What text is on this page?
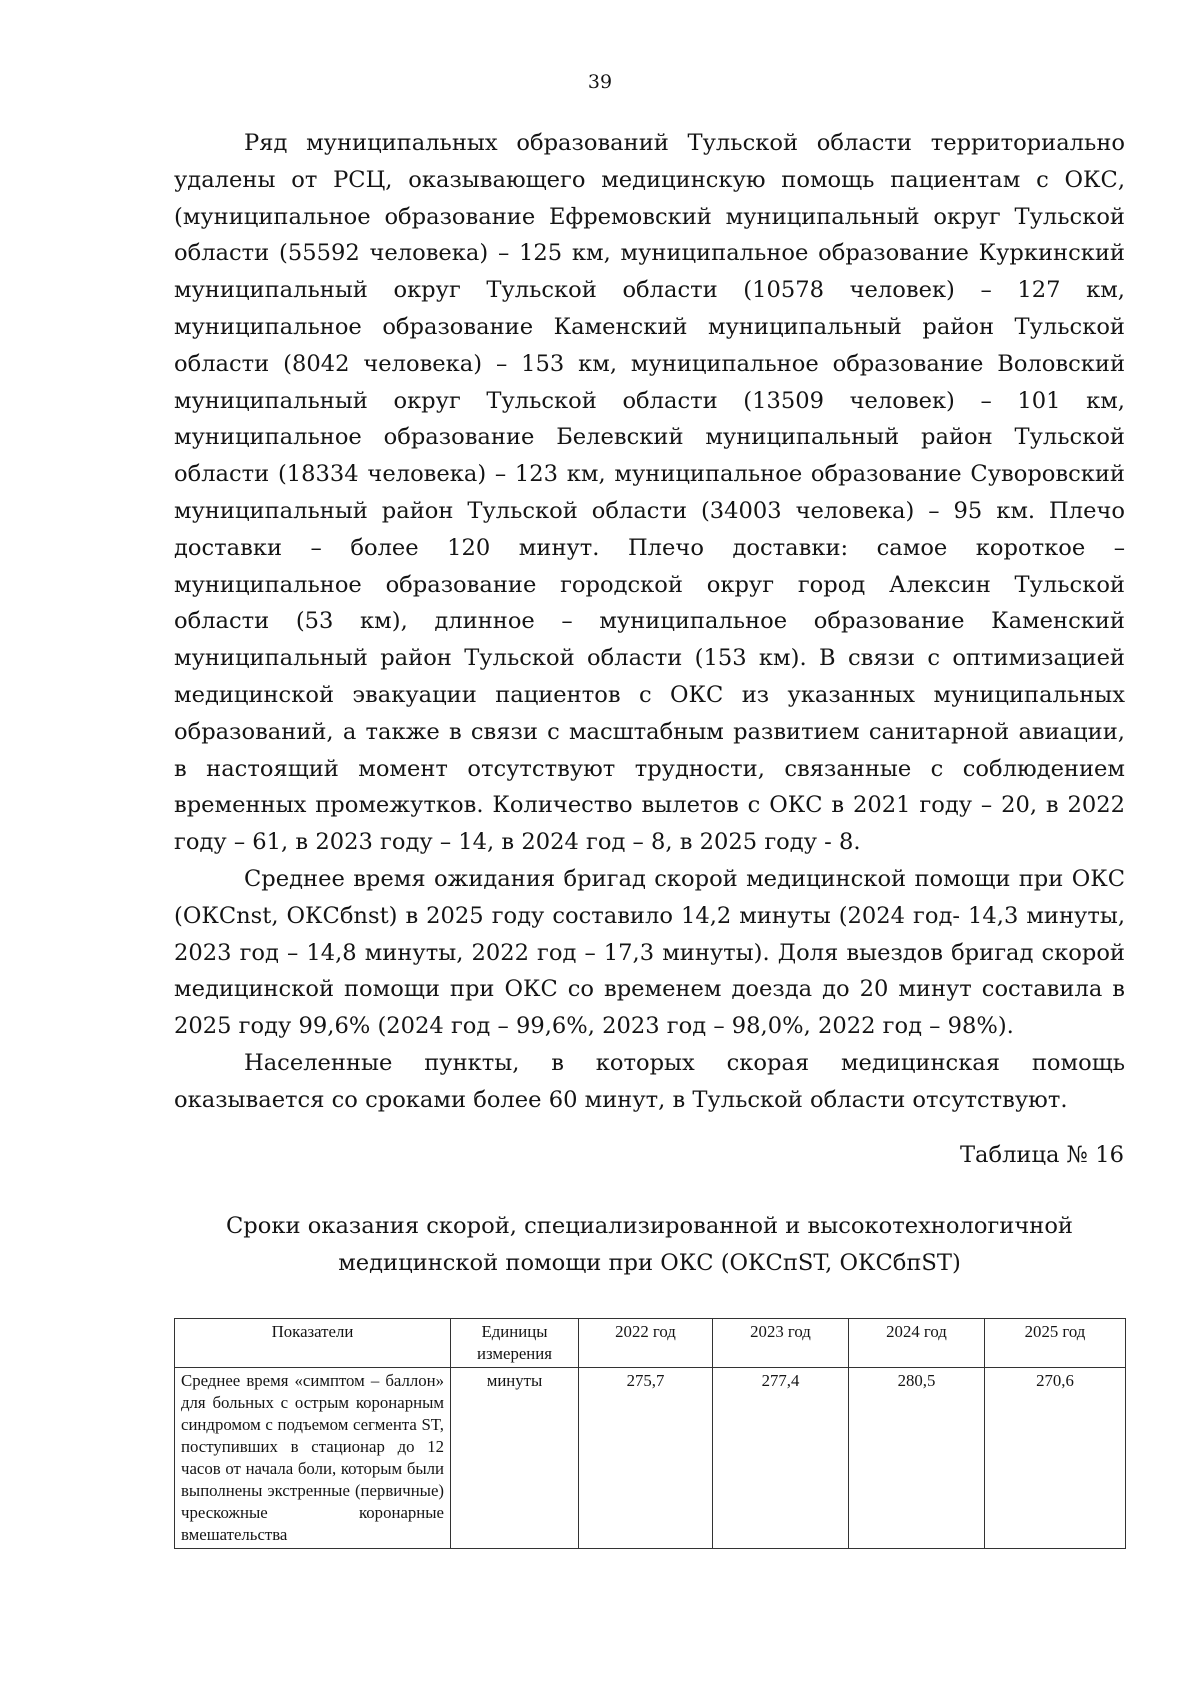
39

Ряд муниципальных образований Тульской области территориально удалены от РСЦ, оказывающего медицинскую помощь пациентам с ОКС, (муниципальное образование Ефремовский муниципальный округ Тульской области (55592 человека) – 125 км, муниципальное образование Куркинский муниципальный округ Тульской области (10578 человек) – 127 км, муниципальное образование Каменский муниципальный район Тульской области (8042 человека) – 153 км, муниципальное образование Воловский муниципальный округ Тульской области (13509 человек) – 101 км, муниципальное образование Белевский муниципальный район Тульской области (18334 человека) – 123 км, муниципальное образование Суворовский муниципальный район Тульской области (34003 человека) – 95 км. Плечо доставки – более 120 минут. Плечо доставки: самое короткое – муниципальное образование городской округ город Алексин Тульской области (53 км), длинное – муниципальное образование Каменский муниципальный район Тульской области (153 км). В связи с оптимизацией медицинской эвакуации пациентов с ОКС из указанных муниципальных образований, а также в связи с масштабным развитием санитарной авиации, в настоящий момент отсутствуют трудности, связанные с соблюдением временных промежутков. Количество вылетов с ОКС в 2021 году – 20, в 2022 году – 61, в 2023 году – 14, в 2024 год – 8, в 2025 году - 8.

Среднее время ожидания бригад скорой медицинской помощи при ОКС (ОКСnst, ОКСбnst) в 2025 году составило 14,2 минуты (2024 год- 14,3 минуты, 2023 год – 14,8 минуты, 2022 год – 17,3 минуты). Доля выездов бригад скорой медицинской помощи при ОКС со временем доезда до 20 минут составила в 2025 году 99,6% (2024 год – 99,6%, 2023 год – 98,0%, 2022 год – 98%).

Населенные пункты, в которых скорая медицинская помощь оказывается со сроками более 60 минут, в Тульской области отсутствуют.

Таблица № 16
Сроки оказания скорой, специализированной и высокотехнологичной
медицинской помощи при ОКС (ОКСпST, ОКСбпST)
Показатели	Единицы измерения	2022 год	2023 год	2024 год	2025 год
Среднее время «симптом – баллон» для больных с острым коронарным синдромом с подъемом сегмента ST, поступивших в стационар до 12 часов от начала боли, которым были выполнены экстренные (первичные) чрескожные коронарные вмешательства	минуты	275,7	277,4	280,5	270,6
